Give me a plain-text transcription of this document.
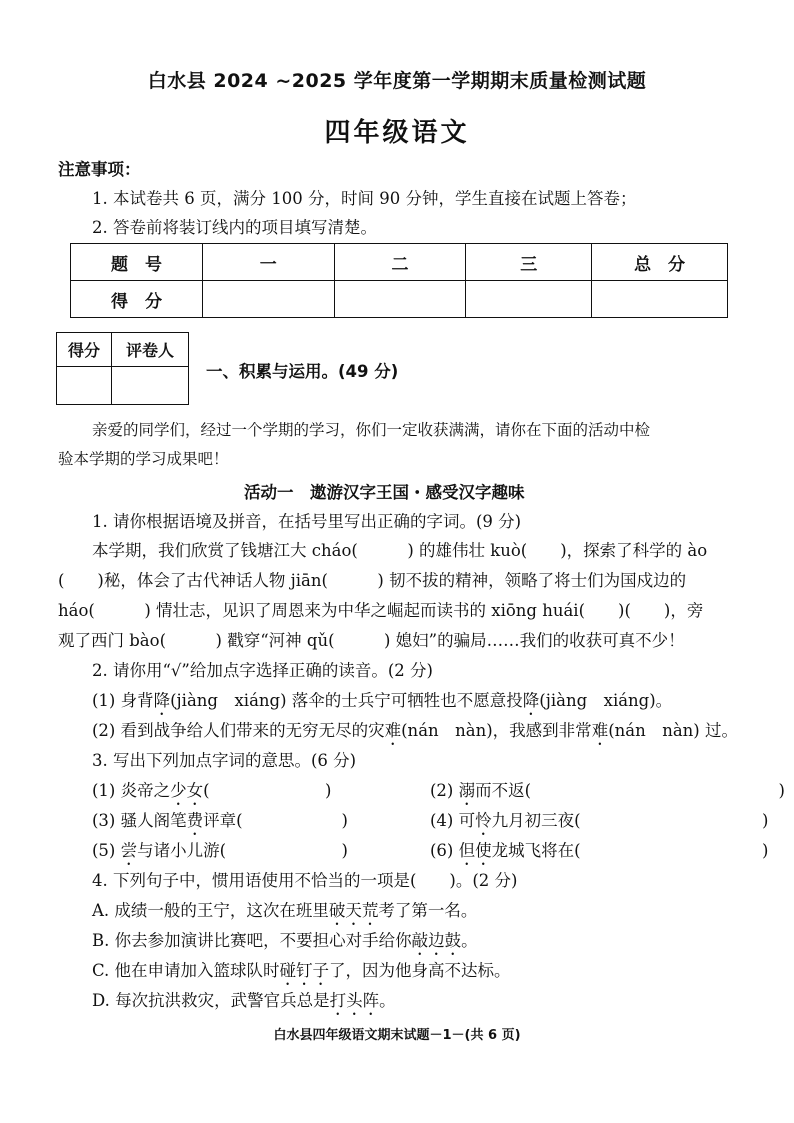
白水县 2024 ~2025 学年度第一学期期末质量检测试题
四年级语文
注意事项：
1. 本试卷共 6 页，满分 100 分，时间 90 分钟，学生直接在试题上答卷；
2. 答卷前将装订线内的项目填写清楚。
题　号	一	二	三	总　分
得　分				
得分	评卷人

一、积累与运用。(49 分)
亲爱的同学们，经过一个学期的学习，你们一定收获满满，请你在下面的活动中检
验本学期的学习成果吧！
活动一　遨游汉字王国・感受汉字趣味
1. 请你根据语境及拼音，在括号里写出正确的字词。(9 分)
本学期，我们欣赏了钱塘江大 cháo(　　　) 的雄伟壮 kuò(　　)，探索了科学的 ào
(　　)秘，体会了古代神话人物 jiān(　　　) 韧不拔的精神，领略了将士们为国戍边的
háo(　　　) 情壮志，见识了周恩来为中华之崛起而读书的 xiōng huái(　　)(　　)，旁
观了西门 bào(　　　) 戳穿“河神 qǔ(　　　) 媳妇”的骗局……我们的收获可真不少！
2. 请你用“√”给加点字选择正确的读音。(2 分)
(1) 身背降(jiàng　xiáng) 落伞的士兵宁可牺牲也不愿意投降(jiàng　xiáng)。
(2) 看到战争给人们带来的无穷无尽的灾难(nán　nàn)，我感到非常难(nán　nàn) 过。
3. 写出下列加点字词的意思。(6 分)
(1) 炎帝之少女(　　　　　　　)	(2) 溺而不返(　　　　　　　　　　　　　　　)
(3) 骚人阁笔费评章(　　　　　　)	(4) 可怜九月初三夜(　　　　　　　　　　　)
(5) 尝与诸小儿游(　　　　　　　)	(6) 但使龙城飞将在(　　　　　　　　　　　)
4. 下列句子中，惯用语使用不恰当的一项是(　　)。(2 分)
A. 成绩一般的王宁，这次在班里破天荒考了第一名。
B. 你去参加演讲比赛吧，不要担心对手给你敲边鼓。
C. 他在申请加入篮球队时碰钉子了，因为他身高不达标。
D. 每次抗洪救灾，武警官兵总是打头阵。
白水县四年级语文期末试题－1－(共 6 页)
